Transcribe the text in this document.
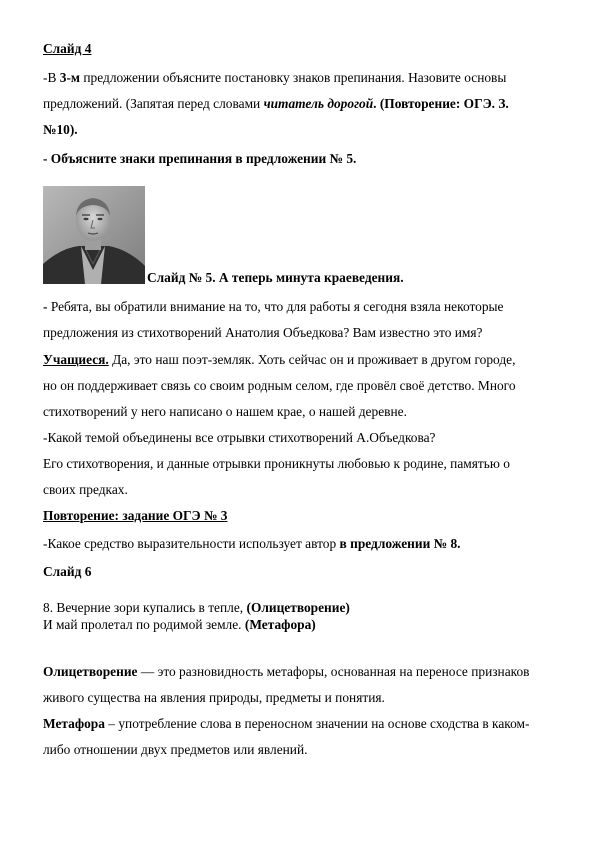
Слайд 4
-В 3-м предложении объясните постановку знаков препинания. Назовите основы
предложений. (Запятая перед словами читатель дорогой. (Повторение: ОГЭ. З.
№10).
- Объясните знаки препинания в предложении № 5.
Слайд № 5. А теперь минута краеведения.
- Ребята, вы обратили внимание на то, что для работы я сегодня взяла некоторые
предложения из стихотворений Анатолия Объедкова? Вам известно это имя?
Учащиеся. Да, это наш поэт-земляк. Хоть сейчас он и проживает в другом городе,
но он поддерживает связь со своим родным селом, где провёл своё детство. Много
стихотворений у него написано о нашем крае, о нашей деревне.
-Какой темой объединены все отрывки стихотворений А.Объедкова?
Его стихотворения, и данные отрывки проникнуты любовью к родине, памятью о
своих предках.
Повторение: задание ОГЭ № 3
-Какое средство выразительности использует автор в предложении № 8.
Слайд 6
8. Вечерние зори купались в тепле, (Олицетворение)
И май пролетал по родимой земле. (Метафора)
Олицетворение — это разновидность метафоры, основанная на переносе признаков
живого существа на явления природы, предметы и понятия.
Метафора – употребление слова в переносном значении на основе сходства в каком-
либо отношении двух предметов или явлений.
